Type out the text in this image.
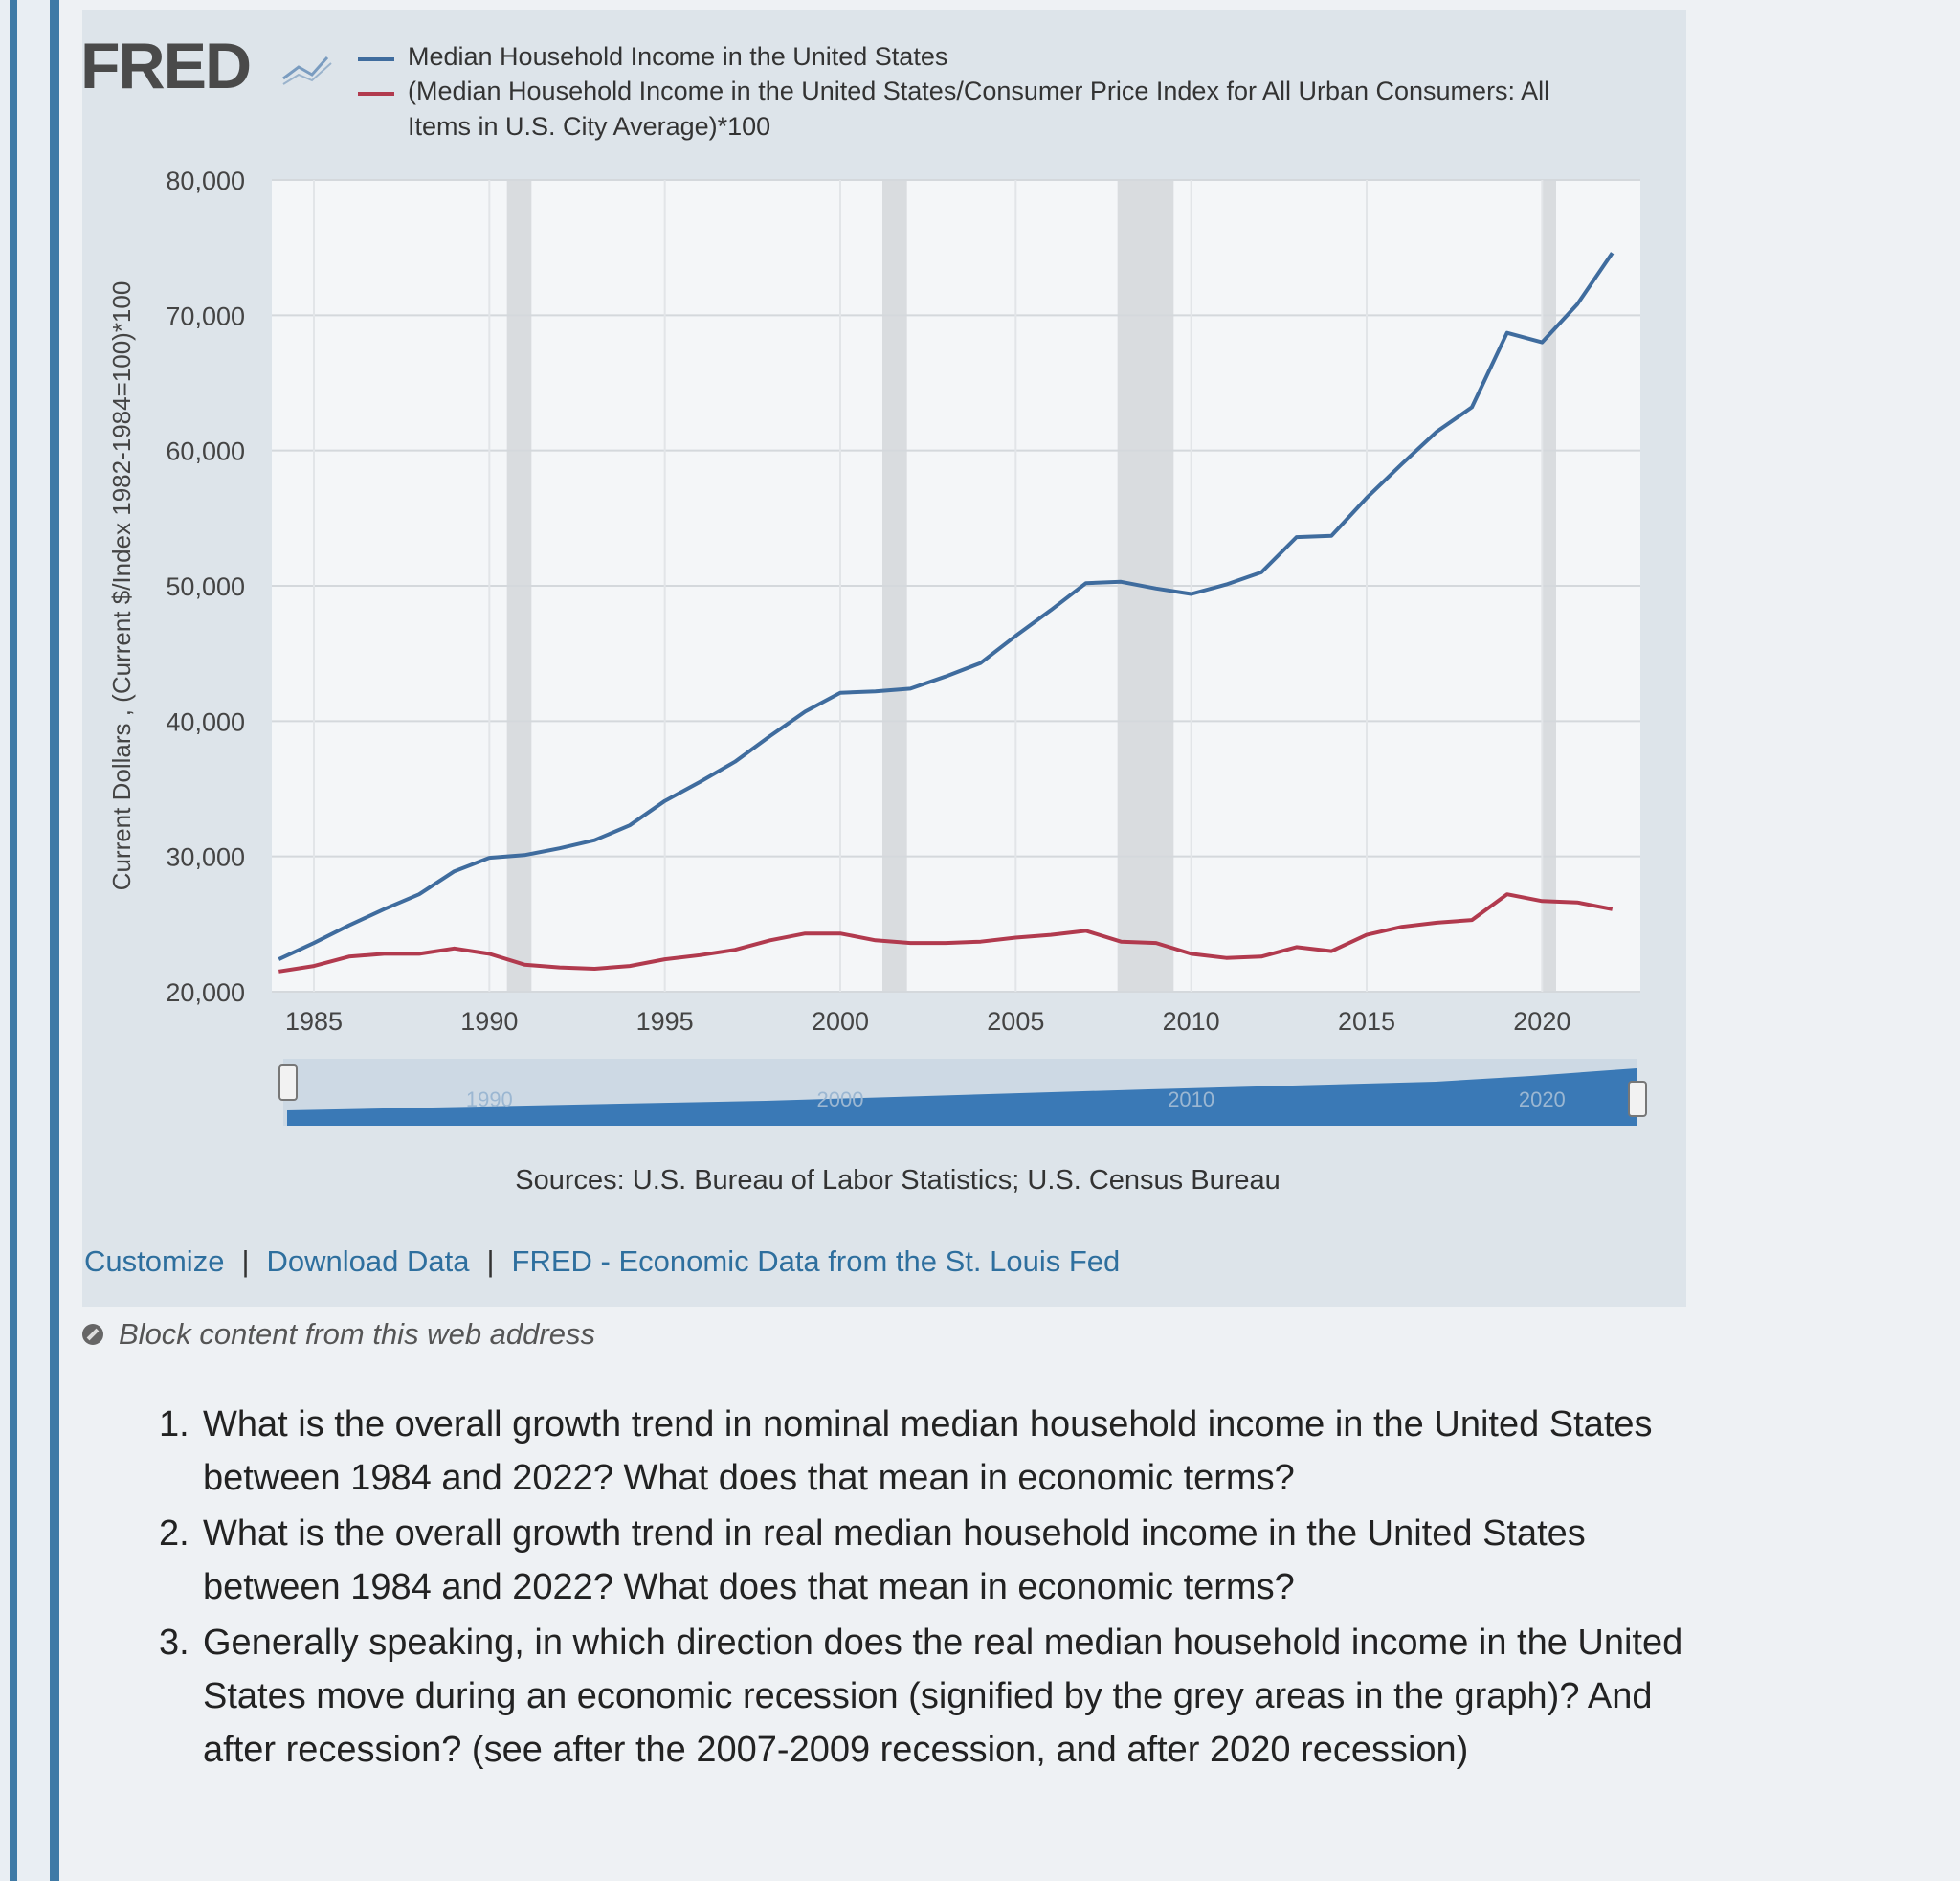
FRED	Median Household Income in the United States
(Median Household Income in the United States/Consumer Price Index for All Urban Consumers: All
Items in U.S. City Average)*100
80,000
70,000
60,000
50,000
40,000
30,000
20,000
1985	1990	1995	2000	2005	2010	2015	2020
Current Dollars , (Current $/Index 1982-1984=100)*100
1990	2000	2010	2020
Sources: U.S. Bureau of Labor Statistics; U.S. Census Bureau
Customize | Download Data | FRED - Economic Data from the St. Louis Fed
Block content from this web address
1. What is the overall growth trend in nominal median household income in the United States between 1984 and 2022? What does that mean in economic terms?
2. What is the overall growth trend in real median household income in the United States between 1984 and 2022? What does that mean in economic terms?
3. Generally speaking, in which direction does the real median household income in the United States move during an economic recession (signified by the grey areas in the graph)? And after recession? (see after the 2007-2009 recession, and after 2020 recession)
